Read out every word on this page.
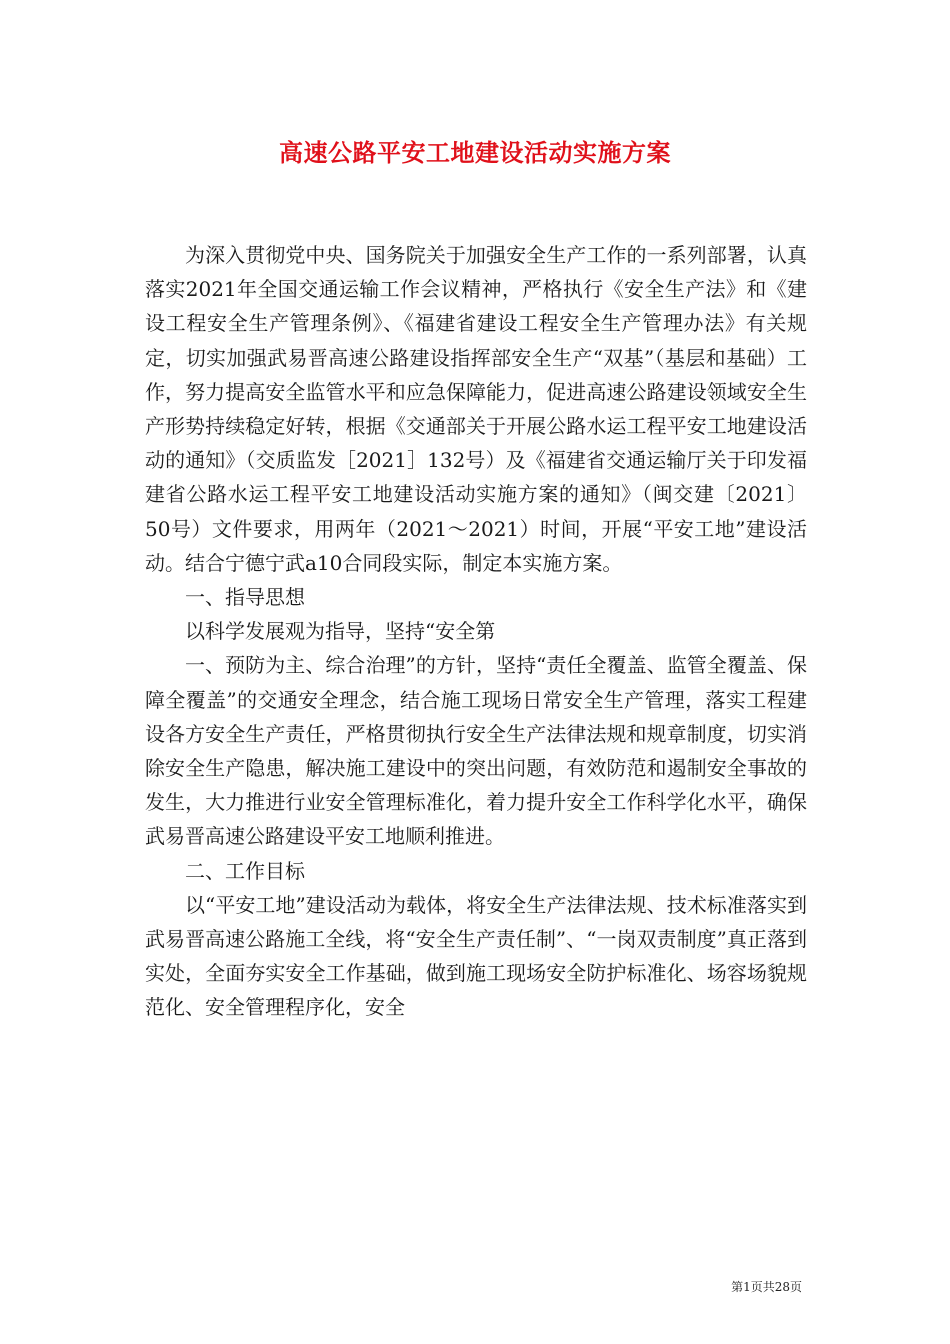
高速公路平安工地建设活动实施方案

为深入贯彻党中央、国务院关于加强安全生产工作的一系列部署，认真落实2021年全国交通运输工作会议精神，严格执行《安全生产法》和《建设工程安全生产管理条例》、《福建省建设工程安全生产管理办法》有关规定，切实加强武易晋高速公路建设指挥部安全生产“双基”（基层和基础）工作，努力提高安全监管水平和应急保障能力，促进高速公路建设领域安全生产形势持续稳定好转，根据《交通部关于开展公路水运工程平安工地建设活动的通知》（交质监发［2021］132号）及《福建省交通运输厅关于印发福建省公路水运工程平安工地建设活动实施方案的通知》（闽交建〔2021〕50号）文件要求，用两年（2021～2021）时间，开展“平安工地”建设活动。结合宁德宁武a10合同段实际，制定本实施方案。

一、指导思想

以科学发展观为指导，坚持“安全第

一、预防为主、综合治理”的方针，坚持“责任全覆盖、监管全覆盖、保障全覆盖”的交通安全理念，结合施工现场日常安全生产管理，落实工程建设各方安全生产责任，严格贯彻执行安全生产法律法规和规章制度，切实消除安全生产隐患，解决施工建设中的突出问题，有效防范和遏制安全事故的发生，大力推进行业安全管理标准化，着力提升安全工作科学化水平，确保武易晋高速公路建设平安工地顺利推进。

二、工作目标

以“平安工地”建设活动为载体，将安全生产法律法规、技术标准落实到武易晋高速公路施工全线，将“安全生产责任制”、“一岗双责制度”真正落到实处，全面夯实安全工作基础，做到施工现场安全防护标准化、场容场貌规范化、安全管理程序化，安全

第1页共28页
